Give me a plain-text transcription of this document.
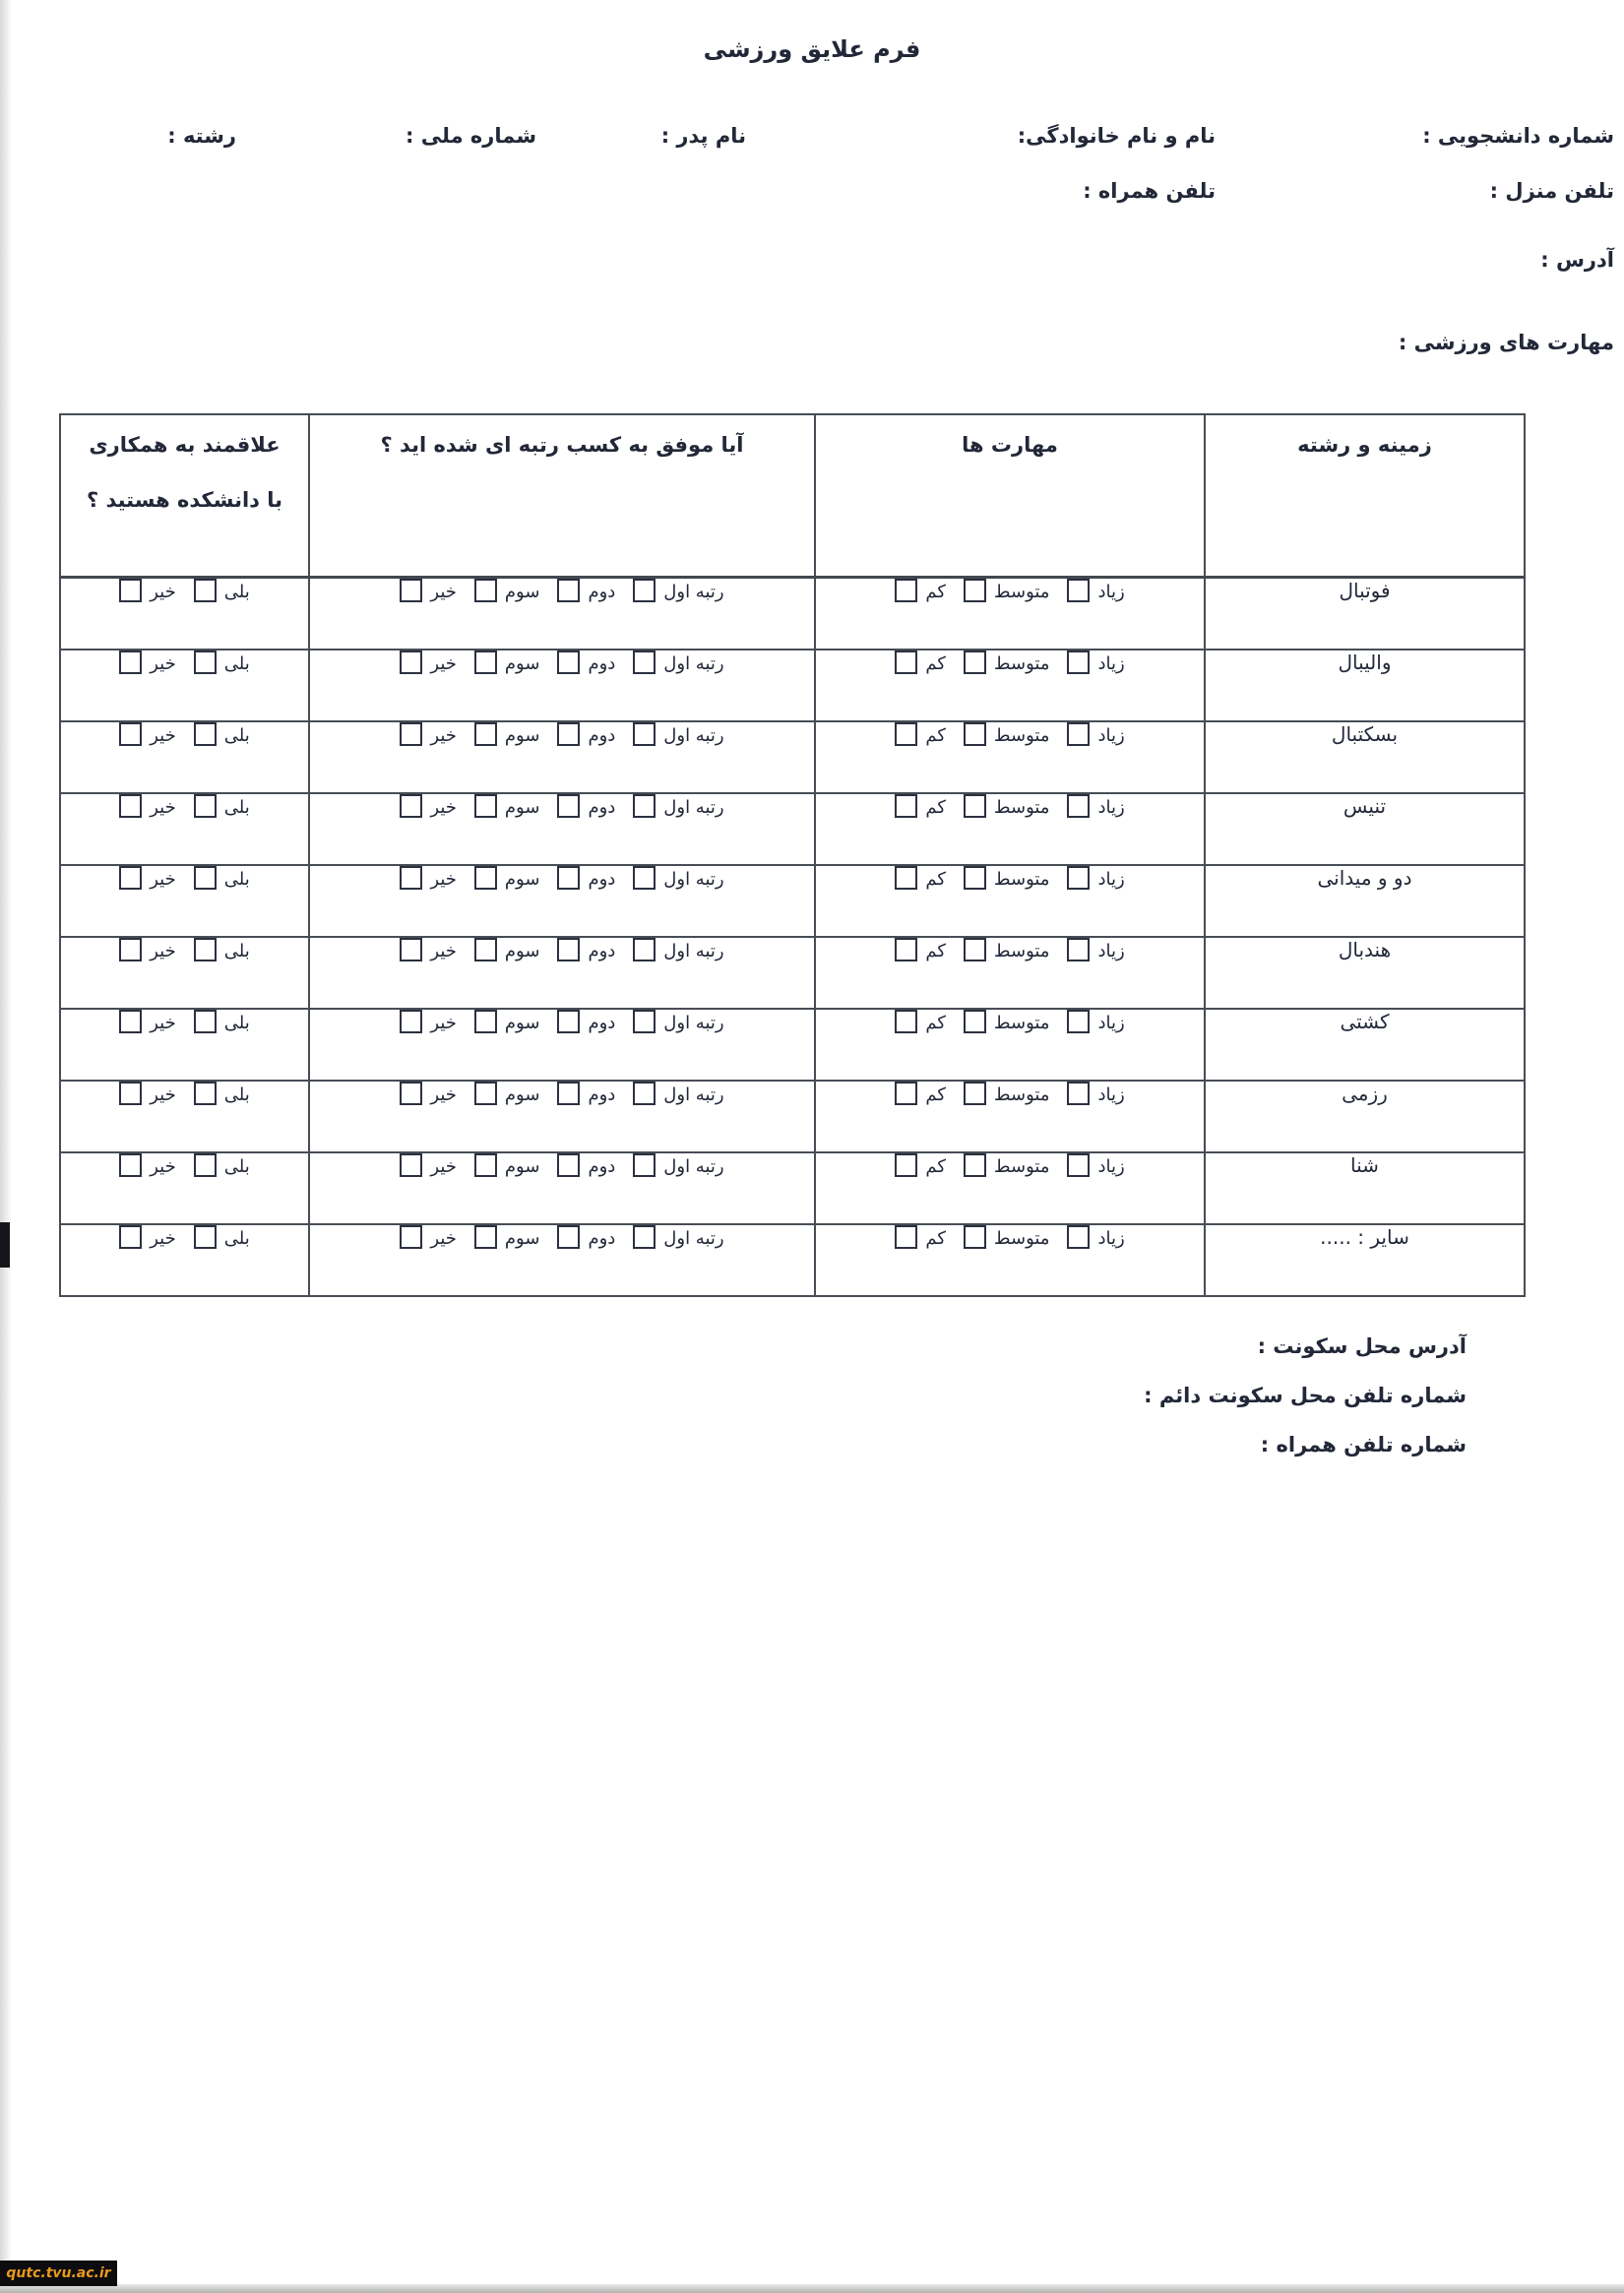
فرم علایق ورزشی
شماره دانشجویی :
نام و نام خانوادگی:
نام پدر :
شماره ملی :
رشته :
تلفن منزل :
تلفن همراه :
آدرس :
مهارت های ورزشی :
زمینه و رشته	مهارت ها	آیا موفق به کسب رتبه ای شده اید ؟	علاقمند به همکاری
با دانشکده هستید ؟

فوتبال	زیادمتوسطکم	رتبه اولدومسومخیر	بلیخیر
والیبال	زیادمتوسطکم	رتبه اولدومسومخیر	بلیخیر
بسکتبال	زیادمتوسطکم	رتبه اولدومسومخیر	بلیخیر
تنیس	زیادمتوسطکم	رتبه اولدومسومخیر	بلیخیر
دو و میدانی	زیادمتوسطکم	رتبه اولدومسومخیر	بلیخیر
هندبال	زیادمتوسطکم	رتبه اولدومسومخیر	بلیخیر
کشتی	زیادمتوسطکم	رتبه اولدومسومخیر	بلیخیر
رزمی	زیادمتوسطکم	رتبه اولدومسومخیر	بلیخیر
شنا	زیادمتوسطکم	رتبه اولدومسومخیر	بلیخیر
سایر : .....	زیادمتوسطکم	رتبه اولدومسومخیر	بلیخیر
آدرس محل سکونت :
شماره تلفن محل سکونت دائم :
شماره تلفن همراه :
qutc.tvu.ac.ir
